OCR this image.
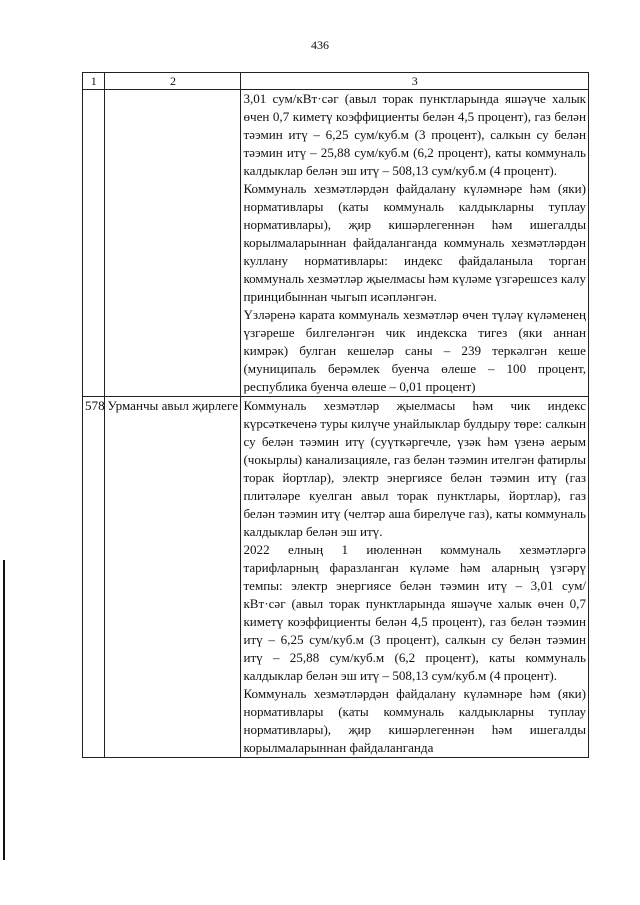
436
1	2	3

		3,01 сум/кВт·сәг (авыл торак пунктларында яшәүче халык өчен 0,7 киметү коэффициенты белән 4,5 процент), газ белән тәэмин итү – 6,25 сум/куб.м (3 процент), салкын су белән тәэмин итү – 25,88 сум/куб.м (6,2 процент), каты коммуналь калдыклар белән эш итү – 508,13 сум/куб.м (4 процент).
Коммуналь хезмәтләрдән файдалану күләмнәре һәм (яки) нормативлары (каты коммуналь калдыкларны туплау нормативлары), җир кишәрлегеннән һәм ишегалды корылмаларыннан файдаланганда коммуналь хезмәтләрдән куллану нормативлары: индекс файдаланыла торган коммуналь хезмәтләр җыелмасы һәм күләме үзгәрешсез калу принцибыннан чыгып исәпләнгән.
Үзләренә карата коммуналь хезмәтләр өчен түләү күләменең үзгәреше билгеләнгән чик индекска тигез (яки аннан кимрәк) булган кешеләр саны – 239 теркәлгән кеше (муниципаль берәмлек буенча өлеше – 100 процент, республика буенча өлеше – 0,01 процент)

578	Урманчы авыл җирлеге	Коммуналь хезмәтләр җыелмасы һәм чик индекс күрсәткеченә туры килүче унайлыклар булдыру төре: салкын су белән тәэмин итү (суүткәргечле, үзәк һәм үзенә аерым (чокырлы) канализацияле, газ белән тәэмин ителгән фатирлы торак йортлар), электр энергиясе белән тәэмин итү (газ плитәләре куелган авыл торак пунктлары, йортлар), газ белән тәэмин итү (челтәр аша бирелүче газ), каты коммуналь калдыклар белән эш итү.
2022 елның 1 июленнән коммуналь хезмәтләргә тарифларның фаразланган күләме һәм аларның үзгәрү темпы: электр энергиясе белән тәэмин итү – 3,01 сум/кВт·сәг (авыл торак пунктларында яшәүче халык өчен 0,7 киметү коэффициенты белән 4,5 процент), газ белән тәэмин итү – 6,25 сум/куб.м (3 процент), салкын су белән тәэмин итү – 25,88 сум/куб.м (6,2 процент), каты коммуналь калдыклар белән эш итү – 508,13 сум/куб.м (4 процент).
Коммуналь хезмәтләрдән файдалану күләмнәре һәм (яки) нормативлары (каты коммуналь калдыкларны туплау нормативлары), җир кишәрлегеннән һәм ишегалды корылмаларыннан файдаланганда
